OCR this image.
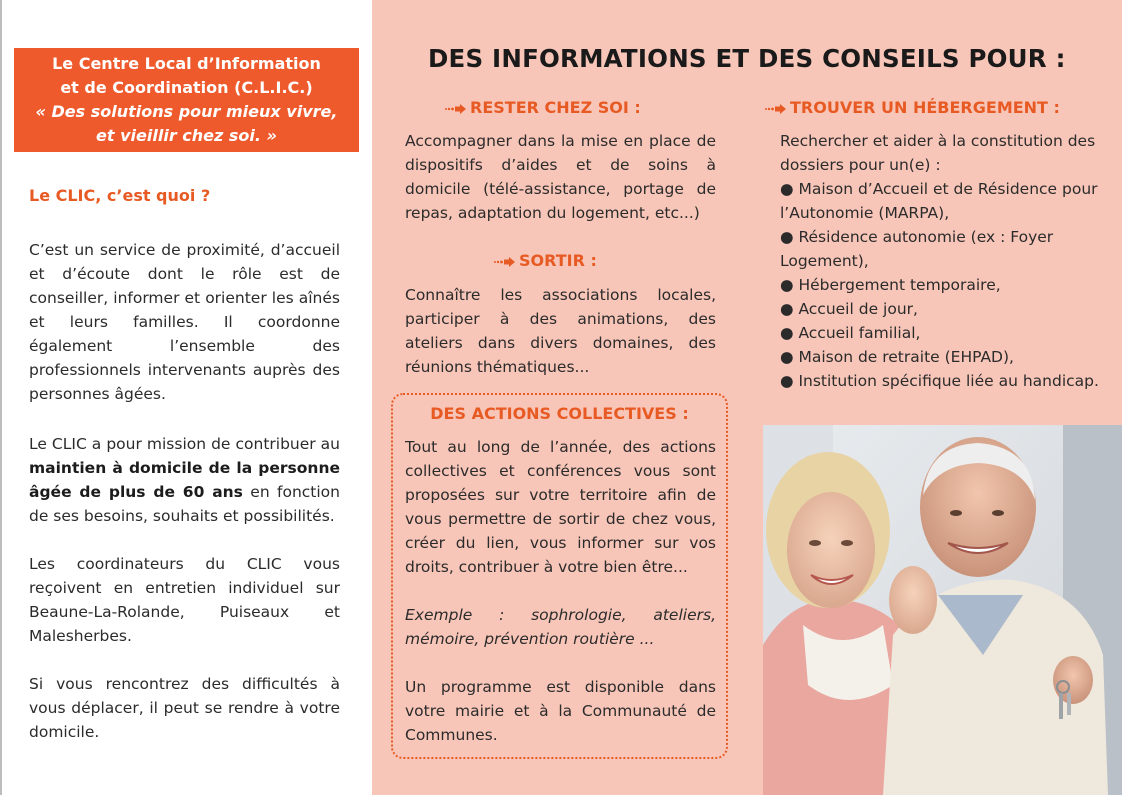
Le Centre Local d’Information
et de Coordination (C.L.I.C.)
« Des solutions pour mieux vivre,
et vieillir chez soi. »
Le CLIC, c’est quoi ?
C’est un service de proximité, d’accueil et d’écoute dont le rôle est de conseiller, informer et orienter les aînés et leurs familles. Il coordonne également l’ensemble des professionnels intervenants auprès des personnes âgées.
Le CLIC a pour mission de contribuer au maintien à domicile de la personne âgée de plus de 60 ans en fonction de ses besoins, souhaits et possibilités.
Les coordinateurs du CLIC vous reçoivent en entretien individuel sur Beaune-La-Rolande, Puiseaux et Malesherbes.
Si vous rencontrez des difficultés à vous déplacer, il peut se rendre à votre domicile.
DES INFORMATIONS ET DES CONSEILS POUR :
RESTER CHEZ SOI :
Accompagner dans la mise en place de dispositifs d’aides et de soins à domicile (télé-assistance, portage de repas, adaptation du logement, etc...)
SORTIR :
Connaître les associations locales, participer à des animations, des ateliers dans divers domaines, des réunions thématiques...
DES ACTIONS COLLECTIVES :
Tout au long de l’année, des actions collectives et conférences vous sont proposées sur votre territoire afin de vous permettre de sortir de chez vous, créer du lien, vous informer sur vos droits, contribuer à votre bien être...
Exemple : sophrologie, ateliers, mémoire, prévention routière ...
Un programme est disponible dans votre mairie et à la Communauté de Communes.
TROUVER UN HÉBERGEMENT :
Rechercher et aider à la constitution des dossiers pour un(e) :
● Maison d’Accueil et de Résidence pour l’Autonomie (MARPA),
● Résidence autonomie (ex : Foyer Logement),
● Hébergement temporaire,
● Accueil de jour,
● Accueil familial,
● Maison de retraite (EHPAD),
● Institution spécifique liée au handicap.
